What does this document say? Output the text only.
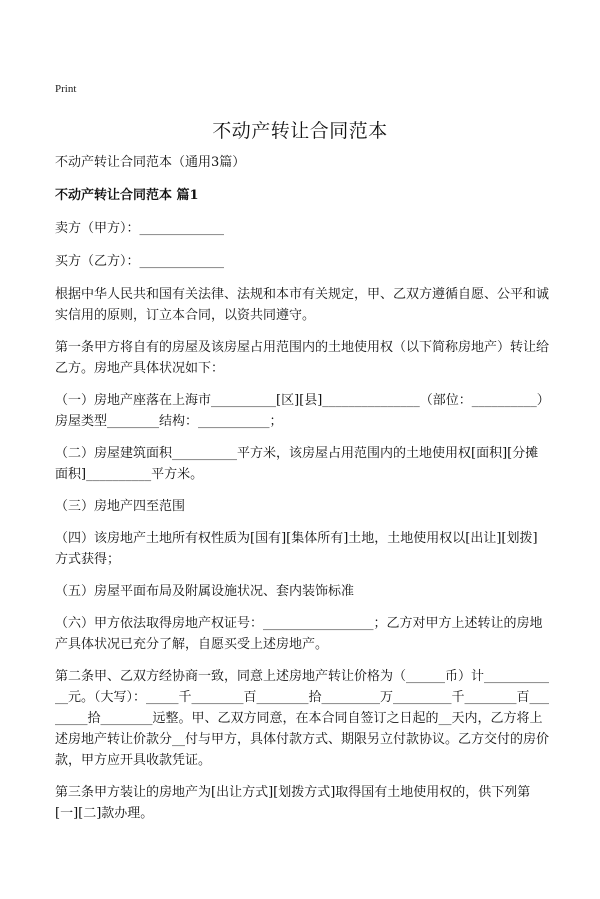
Print
不动产转让合同范本

不动产转让合同范本（通用3篇）

不动产转让合同范本 篇1

卖方（甲方）：_____________

买方（乙方）：_____________

根据中华人民共和国有关法律、法规和本市有关规定，甲、乙双方遵循自愿、公平和诚实信用的原则，订立本合同，以资共同遵守。

第一条甲方将自有的房屋及该房屋占用范围内的土地使用权（以下简称房地产）转让给乙方。房地产具体状况如下：

（一）房地产座落在上海市__________[区][县]_______________（部位：__________）房屋类型________结构：___________；

（二）房屋建筑面积__________平方米，该房屋占用范围内的土地使用权[面积][分摊面积]__________平方米。

（三）房地产四至范围

（四）该房地产土地所有权性质为[国有][集体所有]土地，土地使用权以[出让][划拨]方式获得；

（五）房屋平面布局及附属设施状况、套内装饰标准

（六）甲方依法取得房地产权证号：_________________；乙方对甲方上述转让的房地产具体状况已充分了解，自愿买受上述房地产。

第二条甲、乙双方经协商一致，同意上述房地产转让价格为（______币）计____________元。（大写）：_____千________百________拾_________万_________千________百________拾________远整。甲、乙双方同意，在本合同自签订之日起的__天内，乙方将上述房地产转让价款分__付与甲方，具体付款方式、期限另立付款协议。乙方交付的房价款，甲方应开具收款凭证。

第三条甲方装让的房地产为[出让方式][划拨方式]取得国有土地使用权的，供下列第[一][二]款办理。
